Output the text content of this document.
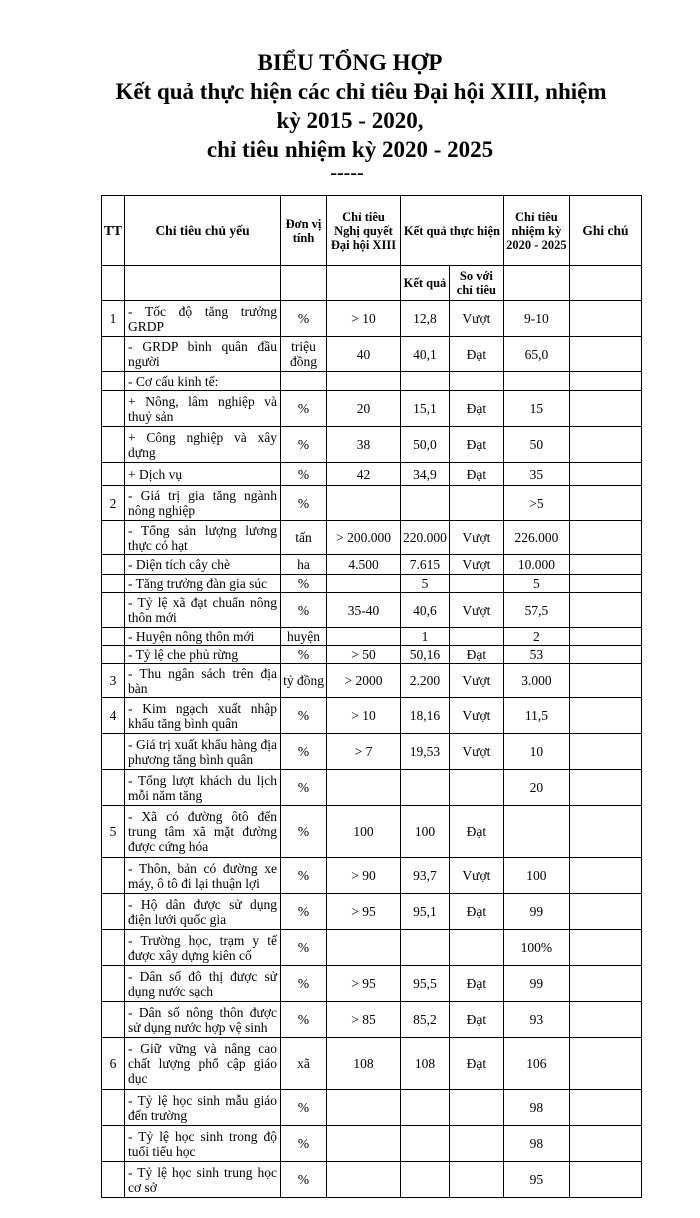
BIỂU TỔNG HỢP
Kết quả thực hiện các chỉ tiêu Đại hội XIII, nhiệm
kỳ 2015 - 2020,
chỉ tiêu nhiệm kỳ 2020 - 2025
-----
TT	Chỉ tiêu chủ yếu	Đơn vị tính	Chỉ tiêu Nghị quyết Đại hội XIII	Kết quả thực hiện		Chỉ tiêu nhiệm kỳ 2020 - 2025	Ghi chú
				Kết quả	So với chỉ tiêu		
1	- Tốc độ tăng trưởng GRDP	%	> 10	12,8	Vượt	9-10	
	- GRDP bình quân đầu người	triệu đồng	40	40,1	Đạt	65,0	
	- Cơ cấu kinh tế:						
	+ Nông, lâm nghiệp và thuỷ sản	%	20	15,1	Đạt	15	
	+ Công nghiệp và xây dựng	%	38	50,0	Đạt	50	
	+ Dịch vụ	%	42	34,9	Đạt	35	
2	- Giá trị gia tăng ngành nông nghiệp	%				>5	
	- Tổng sản lượng lương thực có hạt	tấn	> 200.000	220.000	Vượt	226.000	
	- Diện tích cây chè	ha	4.500	7.615	Vượt	10.000	
	- Tăng trưởng đàn gia súc	%		5		5	
	- Tỷ lệ xã đạt chuẩn nông thôn mới	%	35-40	40,6	Vượt	57,5	
	- Huyện nông thôn mới	huyện		1		2	
	- Tỷ lệ che phủ rừng	%	> 50	50,16	Đạt	53	
3	- Thu ngân sách trên địa bàn	tỷ đồng	> 2000	2.200	Vượt	3.000	
4	- Kim ngạch xuất nhập khẩu tăng bình quân	%	> 10	18,16	Vượt	11,5	
	- Giá trị xuất khẩu hàng địa phương tăng bình quân	%	> 7	19,53	Vượt	10	
	- Tổng lượt khách du lịch mỗi năm tăng	%				20	
5	- Xã có đường ôtô đến trung tâm xã mặt đường được cứng hóa	%	100	100	Đạt		
	- Thôn, bản có đường xe máy, ô tô đi lại thuận lợi	%	> 90	93,7	Vượt	100	
	- Hộ dân được sử dụng điện lưới quốc gia	%	> 95	95,1	Đạt	99	
	- Trường học, trạm y tế được xây dựng kiên cố	%				100%	
	- Dân số đô thị được sử dụng nước sạch	%	> 95	95,5	Đạt	99	
	- Dân số nông thôn được sử dụng nước hợp vệ sinh	%	> 85	85,2	Đạt	93	
6	- Giữ vững và nâng cao chất lượng phổ cập giáo dục	xã	108	108	Đạt	106	
	- Tỷ lệ học sinh mẫu giáo đến trường	%				98	
	- Tỷ lệ học sinh trong độ tuổi tiểu học	%				98	
	- Tỷ lệ học sinh trung học cơ sở	%				95	
